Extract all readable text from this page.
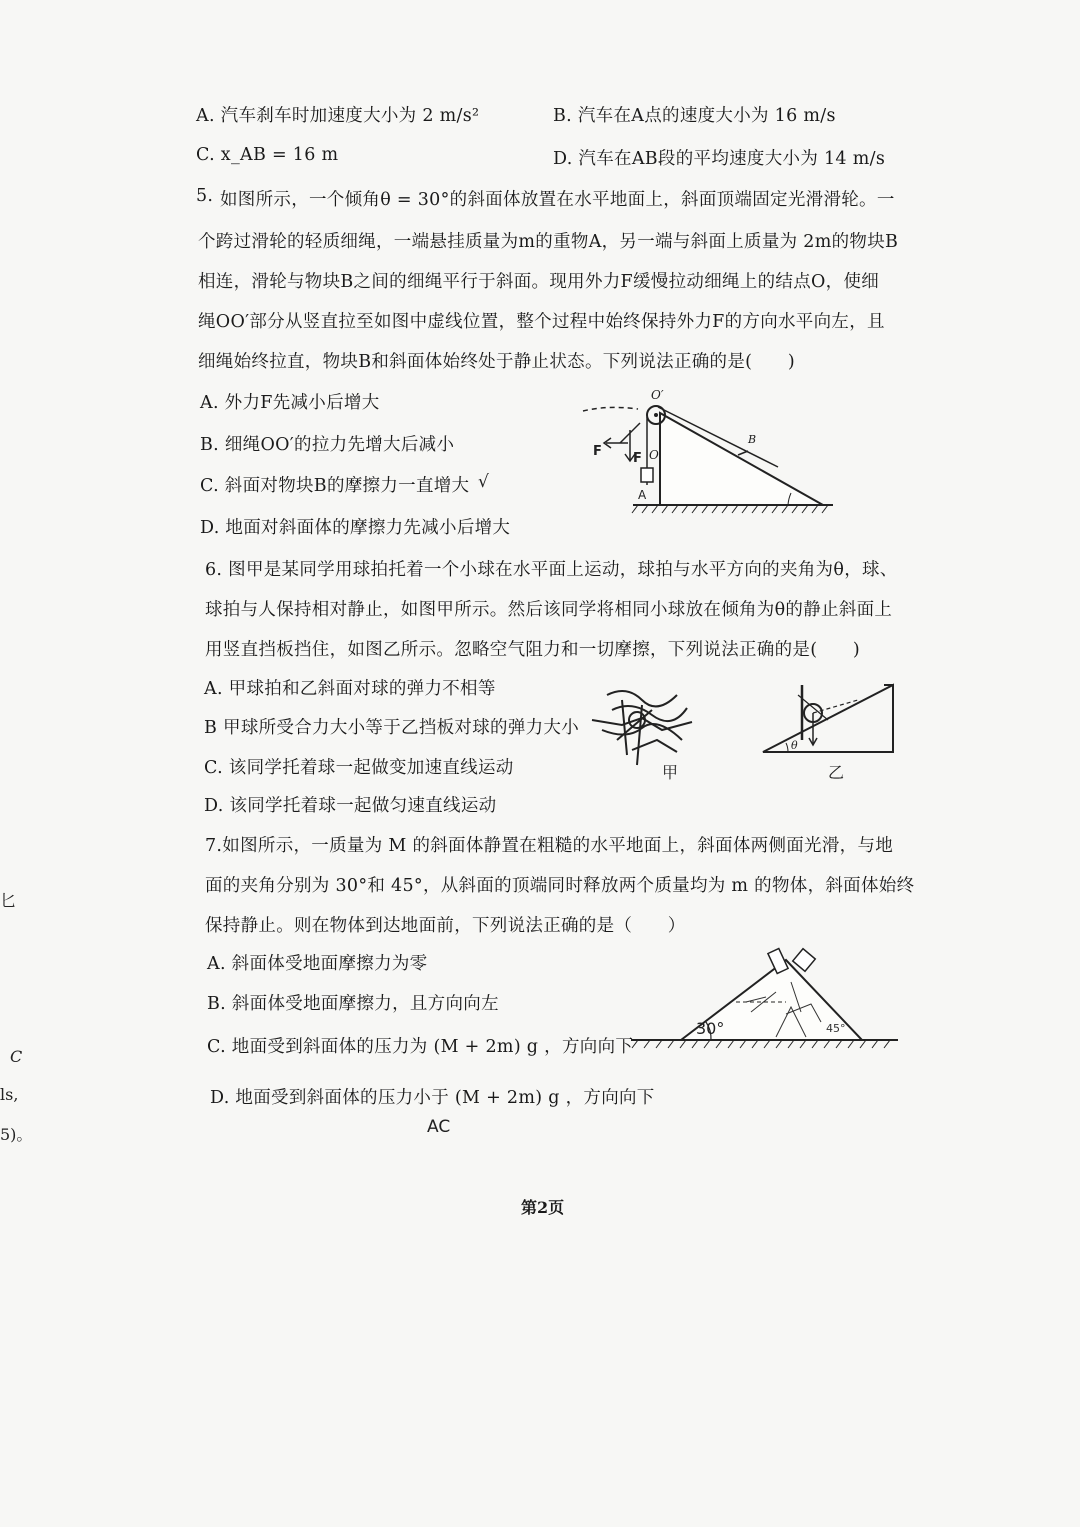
A. 汽车刹车时加速度大小为 2 m/s²	B. 汽车在A点的速度大小为 16 m/s
C. x_AB = 16 m	D. 汽车在AB段的平均速度大小为 14 m/s
5. 如图所示，一个倾角θ = 30°的斜面体放置在水平地面上，斜面顶端固定光滑滑轮。一
个跨过滑轮的轻质细绳，一端悬挂质量为m的重物A，另一端与斜面上质量为 2m的物块B
相连，滑轮与物块B之间的细绳平行于斜面。现用外力F缓慢拉动细绳上的结点O，使细
绳OO′部分从竖直拉至如图中虚线位置，整个过程中始终保持外力F的方向水平向左，且
细绳始终拉直，物块B和斜面体始终处于静止状态。下列说法正确的是(　　)
A. 外力F先减小后增大
B. 细绳OO′的拉力先增大后减小
C. 斜面对物块B的摩擦力一直增大 √
D. 地面对斜面体的摩擦力先减小后增大
O′
F F O
A
B
6. 图甲是某同学用球拍托着一个小球在水平面上运动，球拍与水平方向的夹角为θ，球、
球拍与人保持相对静止，如图甲所示。然后该同学将相同小球放在倾角为θ的静止斜面上
用竖直挡板挡住，如图乙所示。忽略空气阻力和一切摩擦，下列说法正确的是(　　)
A. 甲球拍和乙斜面对球的弹力不相等
B 甲球所受合力大小等于乙挡板对球的弹力大小
C. 该同学托着球一起做变加速直线运动
D. 该同学托着球一起做匀速直线运动
甲
θ
乙
7.如图所示，一质量为 M 的斜面体静置在粗糙的水平地面上，斜面体两侧面光滑，与地
面的夹角分别为 30°和 45°，从斜面的顶端同时释放两个质量均为 m 的物体，斜面体始终
保持静止。则在物体到达地面前，下列说法正确的是（　　）
A. 斜面体受地面摩擦力为零
B. 斜面体受地面摩擦力，且方向向左
C. 地面受到斜面体的压力为 (M + 2m) g ，方向向下
D. 地面受到斜面体的压力小于 (M + 2m) g ，方向向下
AC
30°	45°
匕
C
ls,
5)。
第2页
